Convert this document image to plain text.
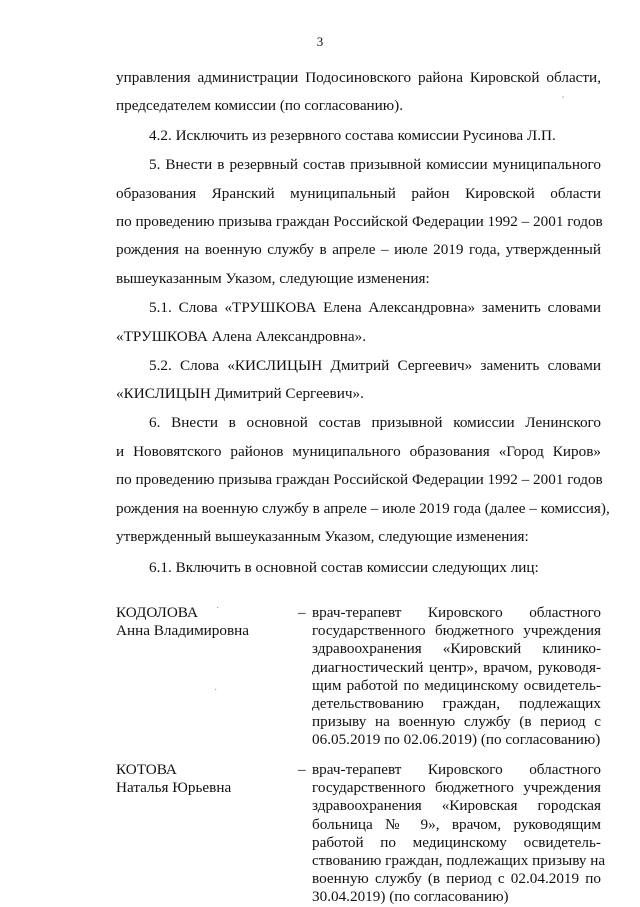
3
управления администрации Подосиновского района Кировской области,
председателем комиссии (по согласованию).
4.2. Исключить из резервного состава комиссии Русинова Л.П.
5. Внести в резервный состав призывной комиссии муниципального
образования Яранский муниципальный район Кировской области
по проведению призыва граждан Российской Федерации 1992 – 2001 годов
рождения на военную службу в апреле – июле 2019 года, утвержденный
вышеуказанным Указом, следующие изменения:
5.1. Слова «ТРУШКОВА Елена Александровна» заменить словами
«ТРУШКОВА Алена Александровна».
5.2. Слова «КИСЛИЦЫН Дмитрий Сергеевич» заменить словами
«КИСЛИЦЫН Димитрий Сергеевич».
6. Внести в основной состав призывной комиссии Ленинского
и Нововятского районов муниципального образования «Город Киров»
по проведению призыва граждан Российской Федерации 1992 – 2001 годов
рождения на военную службу в апреле – июле 2019 года (далее – комиссия),
утвержденный вышеуказанным Указом, следующие изменения:
6.1. Включить в основной состав комиссии следующих лиц:
КОДОЛОВА
Анна Владимировна
– врач-терапевт Кировского областного
государственного бюджетного учреждения
здравоохранения «Кировский клинико-
диагностический центр», врачом, руководя-
щим работой по медицинскому освидетель-
детельствованию граждан, подлежащих
призыву на военную службу (в период с
06.05.2019 по 02.06.2019) (по согласованию)
КОТОВА
Наталья Юрьевна
– врач-терапевт Кировского областного
государственного бюджетного учреждения
здравоохранения «Кировская городская
больница № 9», врачом, руководящим
работой по медицинскому освидетель-
ствованию граждан, подлежащих призыву на
военную службу (в период с 02.04.2019 по
30.04.2019) (по согласованию)
′
·
·
